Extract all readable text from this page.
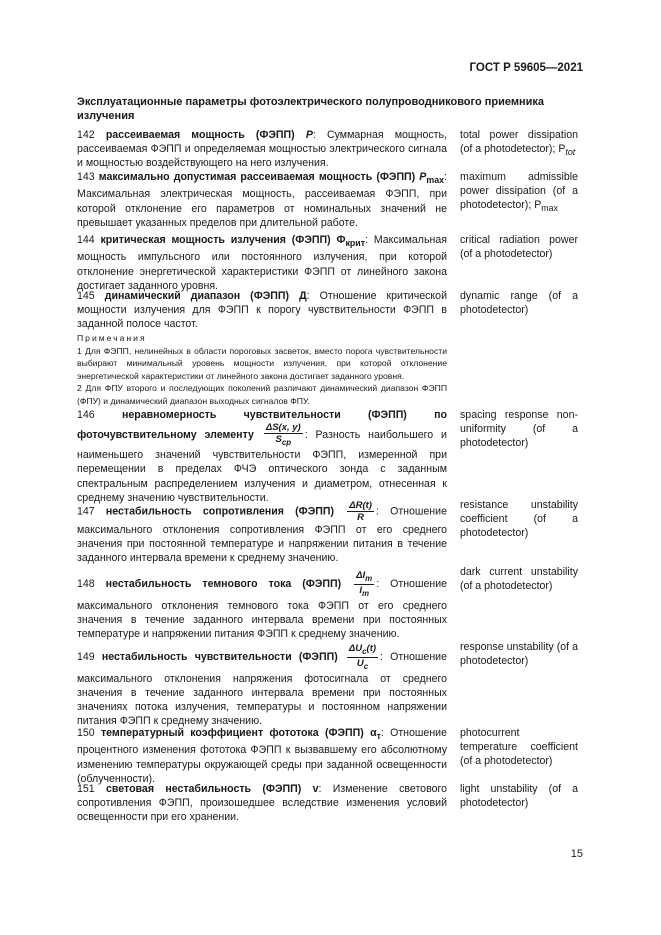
ГОСТ Р 59605—2021
Эксплуатационные параметры фотоэлектрического полупроводникового приемника излучения
142 рассеиваемая мощность (ФЭПП) P: Суммарная мощность, рассеиваемая ФЭПП и определяемая мощностью электрического сигнала и мощностью воздействующего на него излучения.
total power dissipation (of a photodetector); $P_{tot}$
143 максимально допустимая рассеиваемая мощность (ФЭПП) $P_{max}$: Максимальная электрическая мощность, рассеиваемая ФЭПП, при которой отклонение его параметров от номинальных значений не превышает указанных пределов при длительной работе.
maximum admissible power dissipation (of a photodetector); $P_{max}$
144 критическая мощность излучения (ФЭПП) $Ф_{крит}$: Максимальная мощность импульсного или постоянного излучения, при которой отклонение энергетической характеристики ФЭПП от линейного закона достигает заданного уровня.
critical radiation power (of a photodetector)
145 динамический диапазон (ФЭПП) Д: Отношение критической мощности излучения для ФЭПП к порогу чувствительности ФЭПП в заданной полосе частот.
dynamic range (of a photodetector)
Примечания
1 Для ФЭПП, нелинейных в области пороговых засветок, вместо порога чувствительности выбирают минимальный уровень мощности излучения, при которой отклонение энергетической характеристики от линейного закона достигает заданного уровня.
2 Для ФПУ второго и последующих поколений различают динамический диапазон ФЭПП (ФПУ) и динамический диапазон выходных сигналов ФПУ.
146	неравномерность чувствительности (ФЭПП) по фоточувствительному элементу $\frac{\Delta S(x, y)}{S_{ср}}$ : Разность наибольшего и наименьшего значений чувствительности ФЭПП, измеренной при перемещении в пределах ФЧЭ оптического зонда с заданным спектральным распределением излучения и диаметром, отнесенная к среднему значению чувствительности.
spacing response non-uniformity (of a photodetector)
147 нестабильность сопротивления (ФЭПП) $\frac{\Delta R(t)}{R}$ : Отношение максимального отклонения сопротивления ФЭПП от его среднего значения при постоянной температуре и напряжении питания в течение заданного интервала времени к среднему значению.
resistance unstability coefficient (of a photodetector)
148 нестабильность темнового тока (ФЭПП) $\frac{\Delta I_т}{I_т}$ : Отношение максимального отклонения темнового тока ФЭПП от его среднего значения в течение заданного интервала времени при постоянных температуре и напряжении питания ФЭПП к среднему значению.
dark current unstability (of a photodetector)
149 нестабильность чувствительности (ФЭПП) $\frac{\Delta U_с(t)}{U_с}$ : Отношение максимального отклонения напряжения фотосигнала от среднего значения в течение заданного интервала времени при постоянных значениях потока излучения, температуры и постоянном напряжении питания ФЭПП к среднему значению.
response unstability (of a photodetector)
150 температурный коэффициент фототока (ФЭПП) $\alpha_т$: Отношение процентного изменения фототока ФЭПП к вызвавшему его абсолютному изменению температуры окружающей среды при заданной освещенности (облученности).
photocurrent temperature coefficient (of a photodetector)
151 световая нестабильность (ФЭПП) v: Изменение светового сопротивления ФЭПП, произошедшее вследствие изменения условий освещенности при его хранении.
light unstability (of a photodetector)
15
